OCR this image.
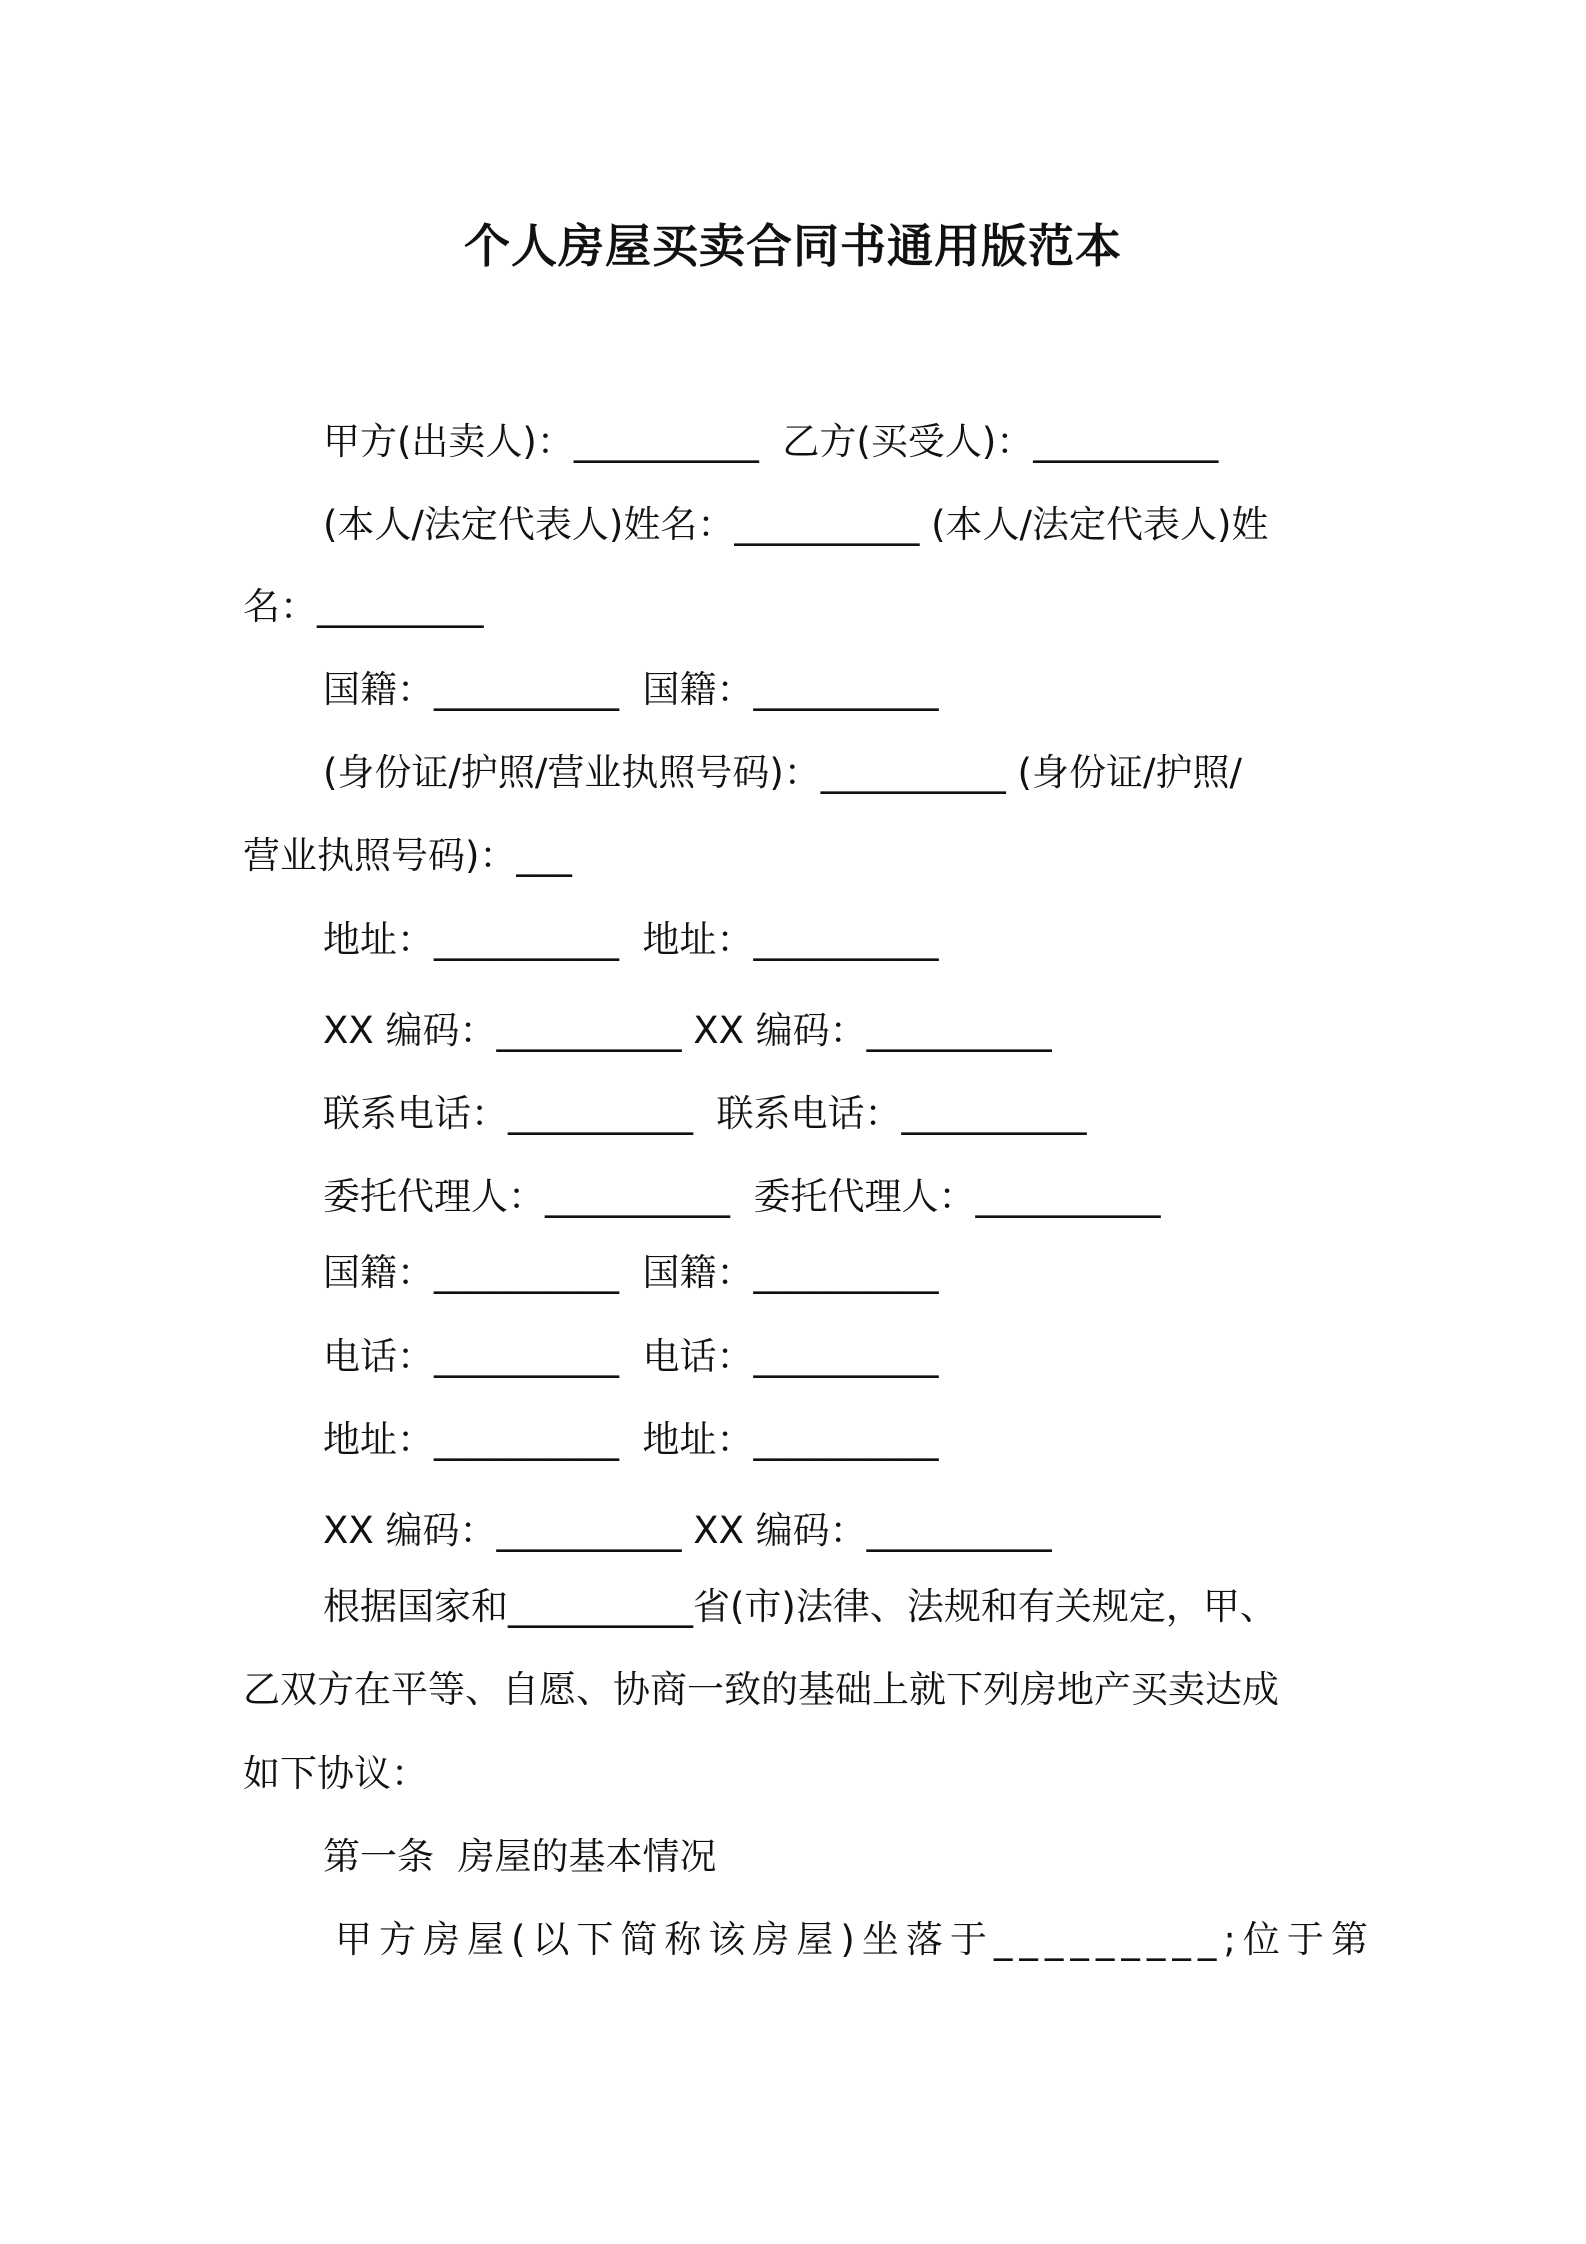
个人房屋买卖合同书通用版范本
甲方(出卖人)：__________  乙方(买受人)：__________
(本人/法定代表人)姓名：__________ (本人/法定代表人)姓
名：_________
国籍：__________  国籍：__________
(身份证/护照/营业执照号码)：__________ (身份证/护照/
营业执照号码)：___
地址：__________  地址：__________
XX 编码：__________ XX 编码：__________
联系电话：__________  联系电话：__________
委托代理人：__________  委托代理人：__________
国籍：__________  国籍：__________
电话：__________  电话：__________
地址：__________  地址：__________
XX 编码：__________ XX 编码：__________
根据国家和__________省(市)法律、法规和有关规定，甲、
乙双方在平等、自愿、协商一致的基础上就下列房地产买卖达成
如下协议：
第一条  房屋的基本情况
甲方房屋(以下简称该房屋)坐落于_________;位于第
